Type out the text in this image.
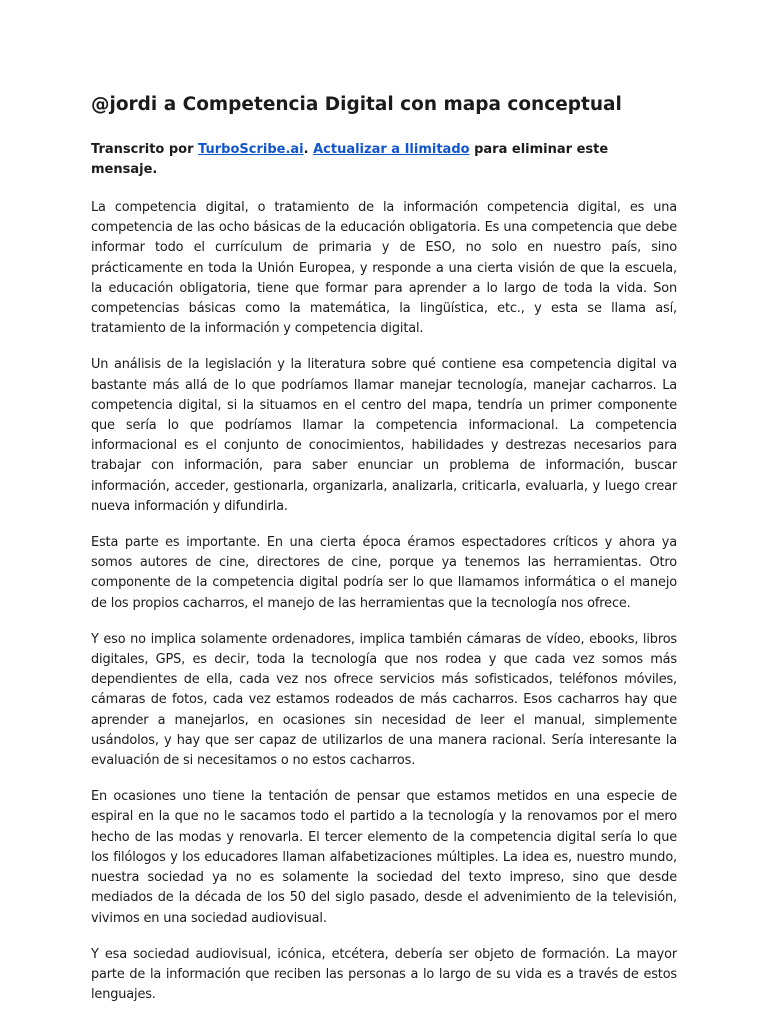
@jordi a Competencia Digital con mapa conceptual
Transcrito por TurboScribe.ai. Actualizar a Ilimitado para eliminar este mensaje.

La competencia digital, o tratamiento de la información competencia digital, es una competencia de las ocho básicas de la educación obligatoria. Es una competencia que debe informar todo el currículum de primaria y de ESO, no solo en nuestro país, sino prácticamente en toda la Unión Europea, y responde a una cierta visión de que la escuela, la educación obligatoria, tiene que formar para aprender a lo largo de toda la vida. Son competencias básicas como la matemática, la lingüística, etc., y esta se llama así, tratamiento de la información y competencia digital.

Un análisis de la legislación y la literatura sobre qué contiene esa competencia digital va bastante más allá de lo que podríamos llamar manejar tecnología, manejar cacharros. La competencia digital, si la situamos en el centro del mapa, tendría un primer componente que sería lo que podríamos llamar la competencia informacional. La competencia informacional es el conjunto de conocimientos, habilidades y destrezas necesarios para trabajar con información, para saber enunciar un problema de información, buscar información, acceder, gestionarla, organizarla, analizarla, criticarla, evaluarla, y luego crear nueva información y difundirla.

Esta parte es importante. En una cierta época éramos espectadores críticos y ahora ya somos autores de cine, directores de cine, porque ya tenemos las herramientas. Otro componente de la competencia digital podría ser lo que llamamos informática o el manejo de los propios cacharros, el manejo de las herramientas que la tecnología nos ofrece.

Y eso no implica solamente ordenadores, implica también cámaras de vídeo, ebooks, libros digitales, GPS, es decir, toda la tecnología que nos rodea y que cada vez somos más dependientes de ella, cada vez nos ofrece servicios más sofisticados, teléfonos móviles, cámaras de fotos, cada vez estamos rodeados de más cacharros. Esos cacharros hay que aprender a manejarlos, en ocasiones sin necesidad de leer el manual, simplemente usándolos, y hay que ser capaz de utilizarlos de una manera racional. Sería interesante la evaluación de si necesitamos o no estos cacharros.

En ocasiones uno tiene la tentación de pensar que estamos metidos en una especie de espiral en la que no le sacamos todo el partido a la tecnología y la renovamos por el mero hecho de las modas y renovarla. El tercer elemento de la competencia digital sería lo que los filólogos y los educadores llaman alfabetizaciones múltiples. La idea es, nuestro mundo, nuestra sociedad ya no es solamente la sociedad del texto impreso, sino que desde mediados de la década de los 50 del siglo pasado, desde el advenimiento de la televisión, vivimos en una sociedad audiovisual.

Y esa sociedad audiovisual, icónica, etcétera, debería ser objeto de formación. La mayor parte de la información que reciben las personas a lo largo de su vida es a través de estos lenguajes.
